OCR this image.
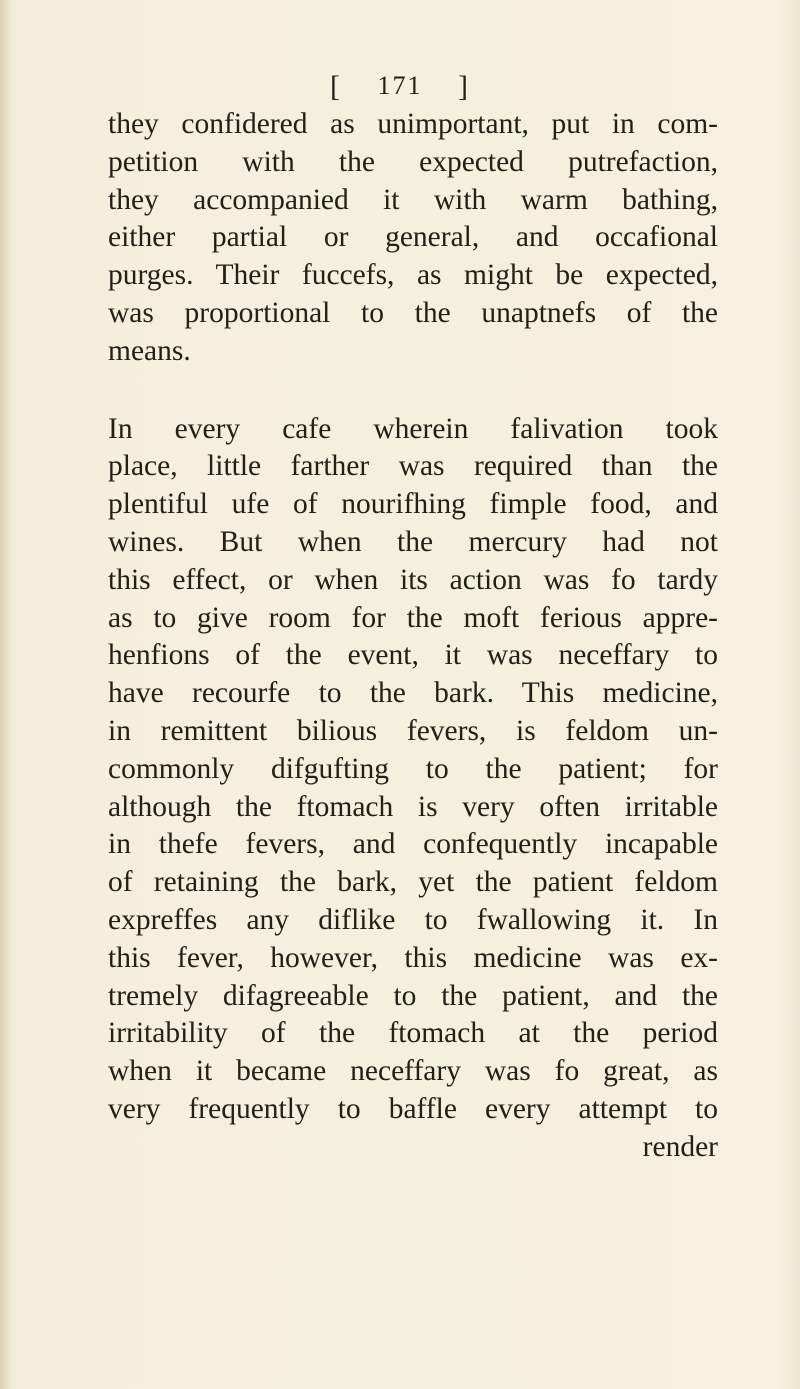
[ 171 ]
they confidered as unimportant, put in com-
petition with the expected putrefaction,
they accompanied it with warm bathing,
either partial or general, and occafional
purges. Their fuccefs, as might be expected,
was proportional to the unaptnefs of the
means.
In every cafe wherein falivation took
place, little farther was required than the
plentiful ufe of nourifhing fimple food, and
wines. But when the mercury had not
this effect, or when its action was fo tardy
as to give room for the moft ferious appre-
henfions of the event, it was neceffary to
have recourfe to the bark. This medicine,
in remittent bilious fevers, is feldom un-
commonly difgufting to the patient; for
although the ftomach is very often irritable
in thefe fevers, and confequently incapable
of retaining the bark, yet the patient feldom
expreffes any diflike to fwallowing it. In
this fever, however, this medicine was ex-
tremely difagreeable to the patient, and the
irritability of the ftomach at the period
when it became neceffary was fo great, as
very frequently to baffle every attempt to
render
